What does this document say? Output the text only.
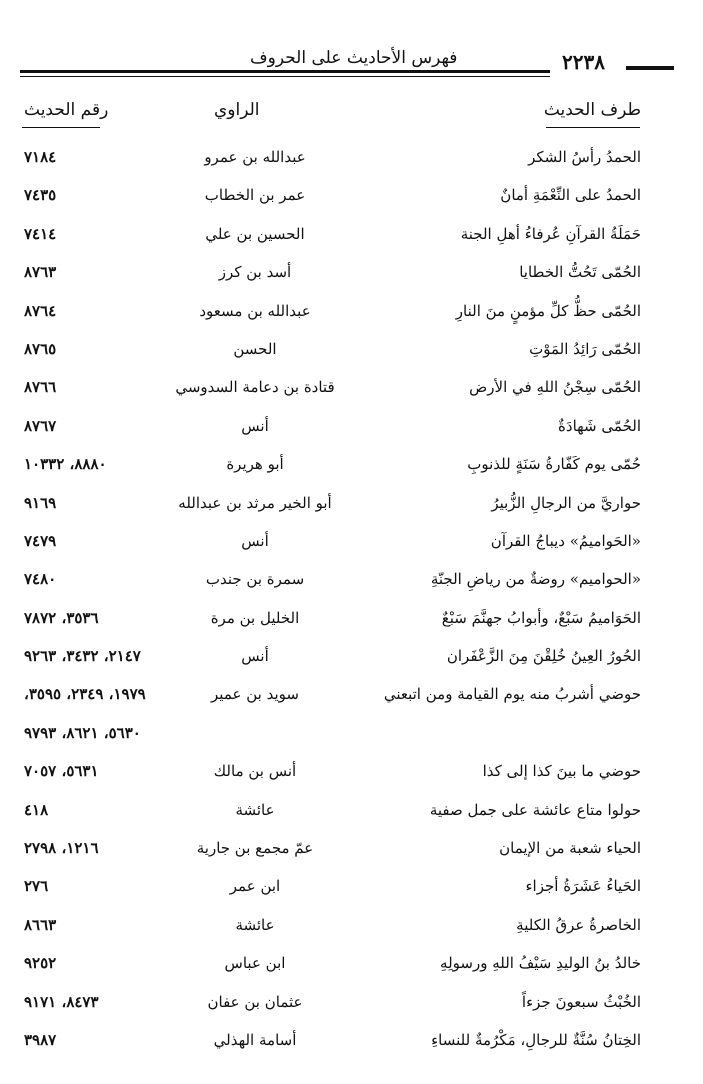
فهرس الأحاديث على الحروف	٢٢٣٨
طرف الحديث
الراوي
رقم الحديث
الحمدُ رأسُ الشكر
عبدالله بن عمرو
٧١٨٤
الحمدُ على النِّعْمَةِ أمانٌ
عمر بن الخطاب
٧٤٣٥
حَمَلَةُ القرآنِ عُرفاءُ أهلِ الجنة
الحسين بن علي
٧٤١٤
الحُمّى تَحُتُّ الخطايا
أسد بن كرز
٨٧٦٣
الحُمّى حظُّ كلِّ مؤمنٍ منَ النارِ
عبدالله بن مسعود
٨٧٦٤
الحُمّى رَائِدُ المَوْتِ
الحسن
٨٧٦٥
الحُمّى سِجْنُ اللهِ في الأرض
قتادة بن دعامة السدوسي
٨٧٦٦
الحُمّى شَهادَةٌ
أنس
٨٧٦٧
حُمّى يوم كَفّارةُ سَنَةٍ للذنوبِ
أبو هريرة
٨٨٨٠، ١٠٣٣٢
حواريَّ من الرجالِ الزُّبيرُ
أبو الخير مرثد بن عبدالله
٩١٦٩
«الحَواميمُ» ديباجُ القرآن
أنس
٧٤٧٩
«الحواميم» روضةٌ من رياضِ الجنّةِ
سمرة بن جندب
٧٤٨٠
الحَوَاميمُ سَبْعٌ، وأبوابُ جهنَّمَ سَبْعٌ
الخليل بن مرة
٣٥٣٦، ٧٨٧٢
الحُورُ العِينُ خُلِقْنَ مِنَ الزَّعْفَران
أنس
٢١٤٧، ٣٤٣٢، ٩٢٦٣
حوضي أشربُ منه يوم القيامة ومن اتبعني
سويد بن عمير
١٩٧٩، ٢٣٤٩، ٣٥٩٥،
٥٦٣٠، ٨٦٢١، ٩٧٩٣
حوضي ما بينَ كذا إلى كذا
أنس بن مالك
٥٦٣١، ٧٠٥٧
حولوا متاع عائشة على جمل صفية
عائشة
٤١٨
الحياء شعبة من الإيمان
عمّ مجمع بن جارية
١٢١٦، ٢٧٩٨
الحَياءُ عَشَرَةُ أجزاء
ابن عمر
٢٧٦
الخاصرةُ عرقُ الكليةِ
عائشة
٨٦٦٣
خالدُ بنُ الوليدِ سَيْفُ اللهِ ورسولِهِ
ابن عباس
٩٢٥٢
الخُبْثُ سبعونَ جزءاً
عثمان بن عفان
٨٤٧٣، ٩١٧١
الخِتانُ سُنَّةٌ للرجالِ، مَكْرُمةٌ للنساءِ
أسامة الهذلي
٣٩٨٧
